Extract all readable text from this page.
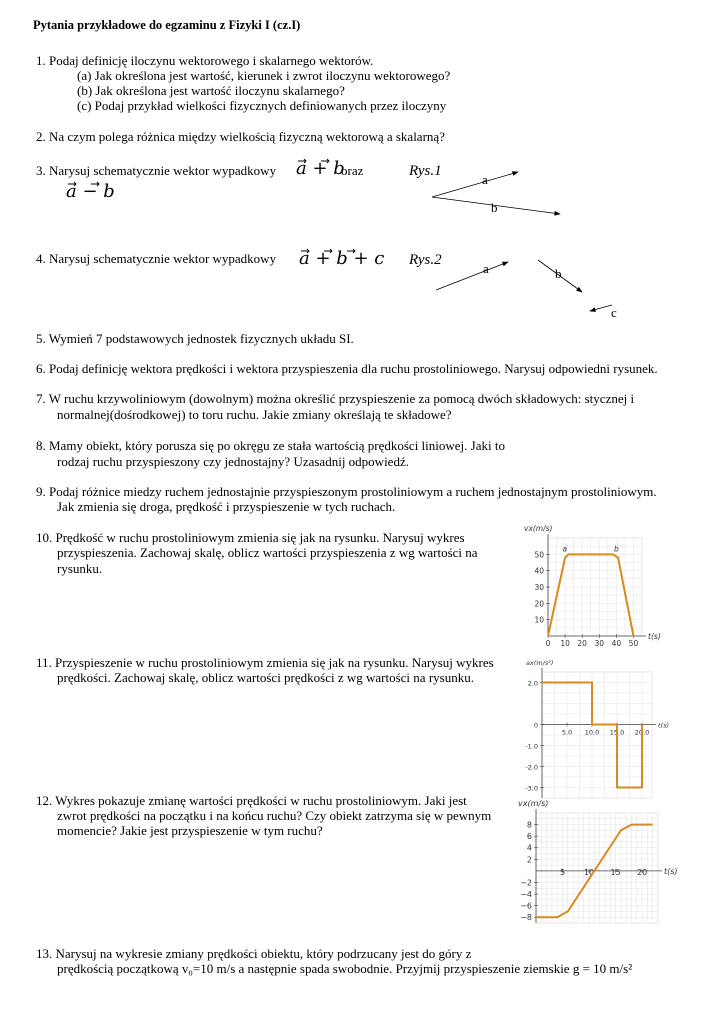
Pytania przykładowe do egzaminu z Fizyki I (cz.I)
1. Podaj definicję iloczynu wektorowego i skalarnego wektorów.
(a) Jak określona jest wartość, kierunek i zwrot iloczynu wektorowego?
(b) Jak określona jest wartość iloczynu skalarnego?
(c) Podaj przykład wielkości fizycznych definiowanych przez iloczyny
2. Na czym polega różnica między wielkością fizyczną wektorową a skalarną?
3. Narysuj schematycznie wektor wypadkowy a + b
oraz
a − b
Rys.1
a
b
4. Narysuj schematycznie wektor wypadkowy a + b + c Rys.2
a	b
c
5. Wymień 7 podstawowych jednostek fizycznych układu SI.
6. Podaj definicję wektora prędkości i wektora przyspieszenia dla ruchu prostoliniowego. Narysuj odpowiedni rysunek.
7. W ruchu krzywoliniowym (dowolnym) można określić przyspieszenie za pomocą dwóch składowych: stycznej i
normalnej(dośrodkowej) to toru ruchu. Jakie zmiany określają te składowe?
8. Mamy obiekt, który porusza się po okręgu ze stała wartością prędkości liniowej. Jaki to
rodzaj ruchu przyspieszony czy jednostajny? Uzasadnij odpowiedź.
9. Podaj różnice miedzy ruchem jednostajnie przyspieszonym prostoliniowym a ruchem jednostajnym prostoliniowym.
Jak zmienia się droga, prędkość i przyspieszenie w tych ruchach.
10. Prędkość w ruchu prostoliniowym zmienia się jak na rysunku. Narysuj wykres
przyspieszenia. Zachowaj skalę, oblicz wartości przyspieszenia z wg wartości na
rysunku.
11. Przyspieszenie w ruchu prostoliniowym zmienia się jak na rysunku. Narysuj wykres
prędkości. Zachowaj skalę, oblicz wartości prędkości z wg wartości na rysunku.
12. Wykres pokazuje zmianę wartości prędkości w ruchu prostoliniowym. Jaki jest
zwrot prędkości na początku i na końcu ruchu? Czy obiekt zatrzyma się w pewnym
momencie? Jakie jest przyspieszenie w tym ruchu?
13. Narysuj na wykresie zmiany prędkości obiektu, który podrzucany jest do góry z
prędkością początkową v₀=10 m/s a następnie spada swobodnie. Przyjmij przyspieszenie ziemskie g = 10 m/s²
0 10 20 30 40 50
10
20
30
40
50
vx(m/s)
t(s)
a	b
5.0 10.0 15.0 20.0
2.0
0
-1.0
-2.0
-3.0
ax(m/s²)
t(s)
5 10 15 20
8
6
4
2
−2
−4
−6
−8
vx(m/s)
t(s)
